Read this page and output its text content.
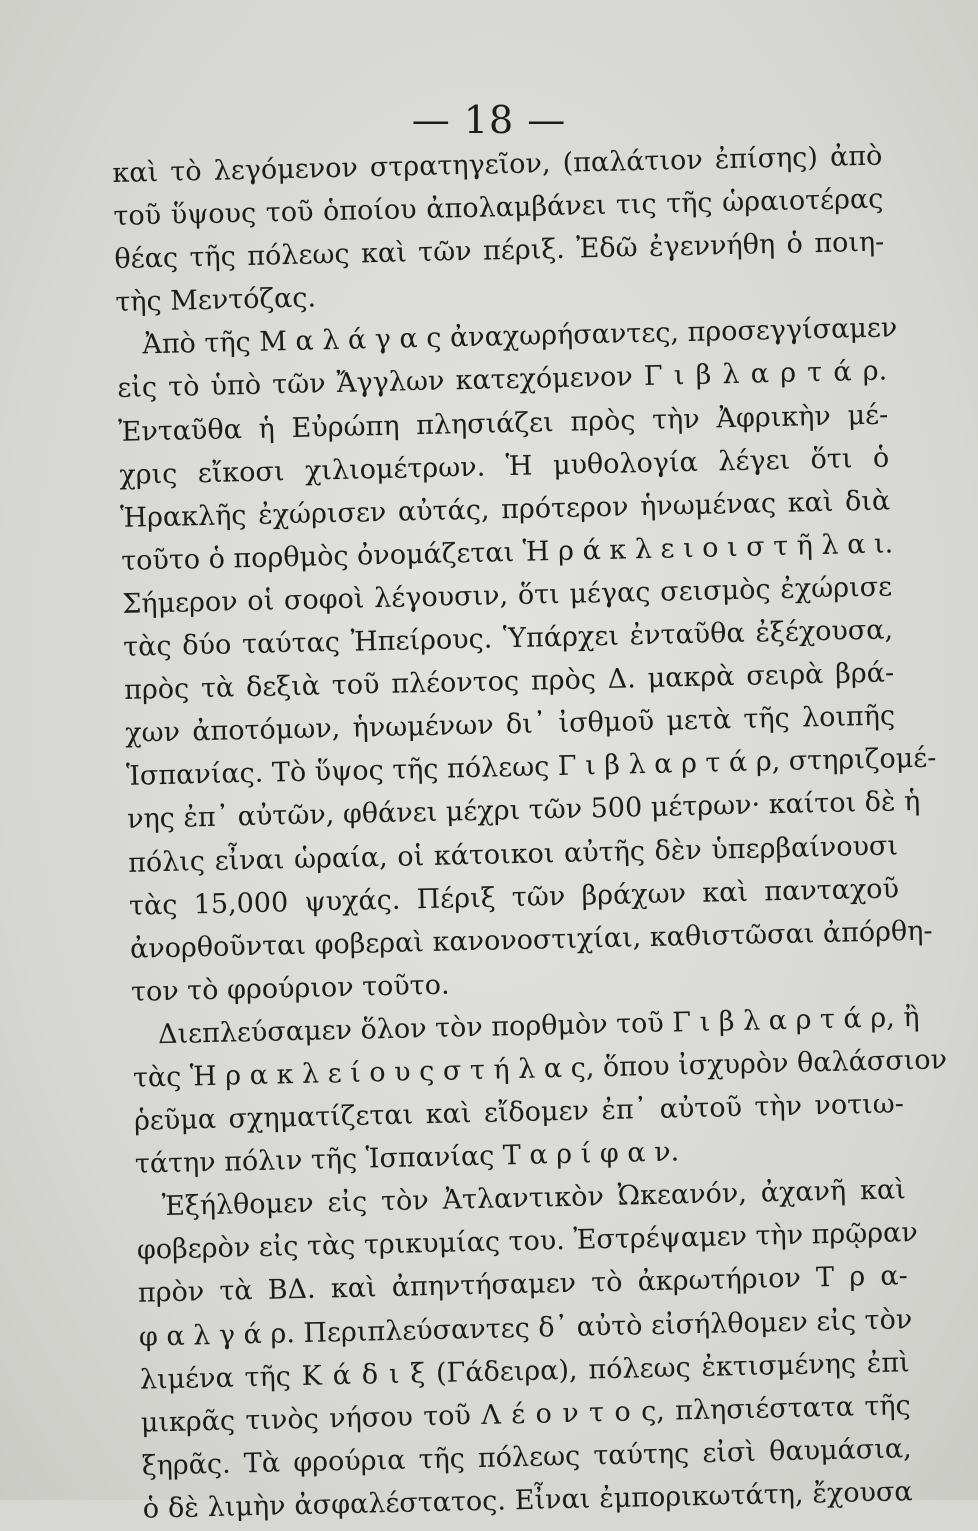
— 18 —
καὶ τὸ λεγόμενον στρατηγεῖον, (παλάτιον ἐπίσης) ἀπὸ
τοῦ ὕψους τοῦ ὁποίου ἀπολαμβάνει τις τῆς ὡραιοτέρας
θέας τῆς πόλεως καὶ τῶν πέριξ. Ἐδῶ ἐγεννήθη ὁ ποιη-
τὴς Μεντόζας.
Ἀπὸ τῆς Μ α λ ά γ α ς ἀναχωρήσαντες, προσεγγίσαμεν
εἰς τὸ ὑπὸ τῶν Ἄγγλων κατεχόμενον Γ ι β λ α ρ τ ά ρ.
Ἐνταῦθα ἡ Εὐρώπη πλησιάζει πρὸς τὴν Ἀφρικὴν μέ-
χρις εἴκοσι χιλιομέτρων. Ἡ μυθολογία λέγει ὅτι ὁ
Ἡρακλῆς ἐχώρισεν αὐτάς, πρότερον ἡνωμένας καὶ διὰ
τοῦτο ὁ πορθμὸς ὀνομάζεται Ἡ ρ ά κ λ ε ι ο ι σ τ ῆ λ α ι.
Σήμερον οἱ σοφοὶ λέγουσιν, ὅτι μέγας σεισμὸς ἐχώρισε
τὰς δύο ταύτας Ἠπείρους. Ὑπάρχει ἐνταῦθα ἐξέχουσα,
πρὸς τὰ δεξιὰ τοῦ πλέοντος πρὸς Δ. μακρὰ σειρὰ βρά-
χων ἀποτόμων, ἡνωμένων δι᾽ ἰσθμοῦ μετὰ τῆς λοιπῆς
Ἱσπανίας. Τὸ ὕψος τῆς πόλεως Γ ι β λ α ρ τ ά ρ, στηριζομέ-
νης ἐπ᾽ αὐτῶν, φθάνει μέχρι τῶν 500 μέτρων· καίτοι δὲ ἡ
πόλις εἶναι ὡραία, οἱ κάτοικοι αὐτῆς δὲν ὑπερβαίνουσι
τὰς 15,000 ψυχάς. Πέριξ τῶν βράχων καὶ πανταχοῦ
ἀνορθοῦνται φοβεραὶ κανονοστιχίαι, καθιστῶσαι ἀπόρθη-
τον τὸ φρούριον τοῦτο.
Διεπλεύσαμεν ὅλον τὸν πορθμὸν τοῦ Γ ι β λ α ρ τ ά ρ, ἢ
τὰς Ἡ ρ α κ λ ε ί ο υ ς σ τ ή λ α ς, ὅπου ἰσχυρὸν θαλάσσιον
ῥεῦμα σχηματίζεται καὶ εἴδομεν ἐπ᾽ αὐτοῦ τὴν νοτιω-
τάτην πόλιν τῆς Ἱσπανίας Τ α ρ ί φ α ν.
Ἐξήλθομεν εἰς τὸν Ἀτλαντικὸν Ὠκεανόν, ἀχανῆ καὶ
φοβερὸν εἰς τὰς τρικυμίας του. Ἐστρέψαμεν τὴν πρῷραν
πρὸν τὰ ΒΔ. καὶ ἀπηντήσαμεν τὸ ἀκρωτήριον Τ ρ α-
φ α λ γ ά ρ. Περιπλεύσαντες δ᾽ αὐτὸ εἰσήλθομεν εἰς τὸν
λιμένα τῆς Κ ά δ ι ξ (Γάδειρα), πόλεως ἐκτισμένης ἐπὶ
μικρᾶς τινὸς νήσου τοῦ Λ έ ο ν τ ο ς, πλησιέστατα τῆς
ξηρᾶς. Τὰ φρούρια τῆς πόλεως ταύτης εἰσὶ θαυμάσια,
ὁ δὲ λιμὴν ἀσφαλέστατος. Εἶναι ἐμπορικωτάτη, ἔχουσα
